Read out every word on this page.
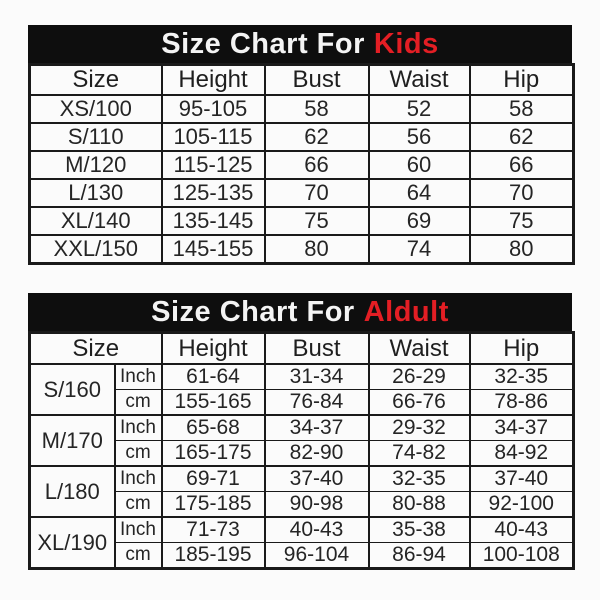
Size Chart For Kids
Size	Height	Bust	Waist	Hip
XS/100	95-105	58	52	58
S/110	105-115	62	56	62
M/120	115-125	66	60	66
L/130	125-135	70	64	70
XL/140	135-145	75	69	75
XXL/150	145-155	80	74	80
Size Chart For Aldult
Size		Height	Bust	Waist	Hip
S/160	Inch	61-64	31-34	26-29	32-35
	cm	155-165	76-84	66-76	78-86
M/170	Inch	65-68	34-37	29-32	34-37
	cm	165-175	82-90	74-82	84-92
L/180	Inch	69-71	37-40	32-35	37-40
	cm	175-185	90-98	80-88	92-100
XL/190	Inch	71-73	40-43	35-38	40-43
	cm	185-195	96-104	86-94	100-108
